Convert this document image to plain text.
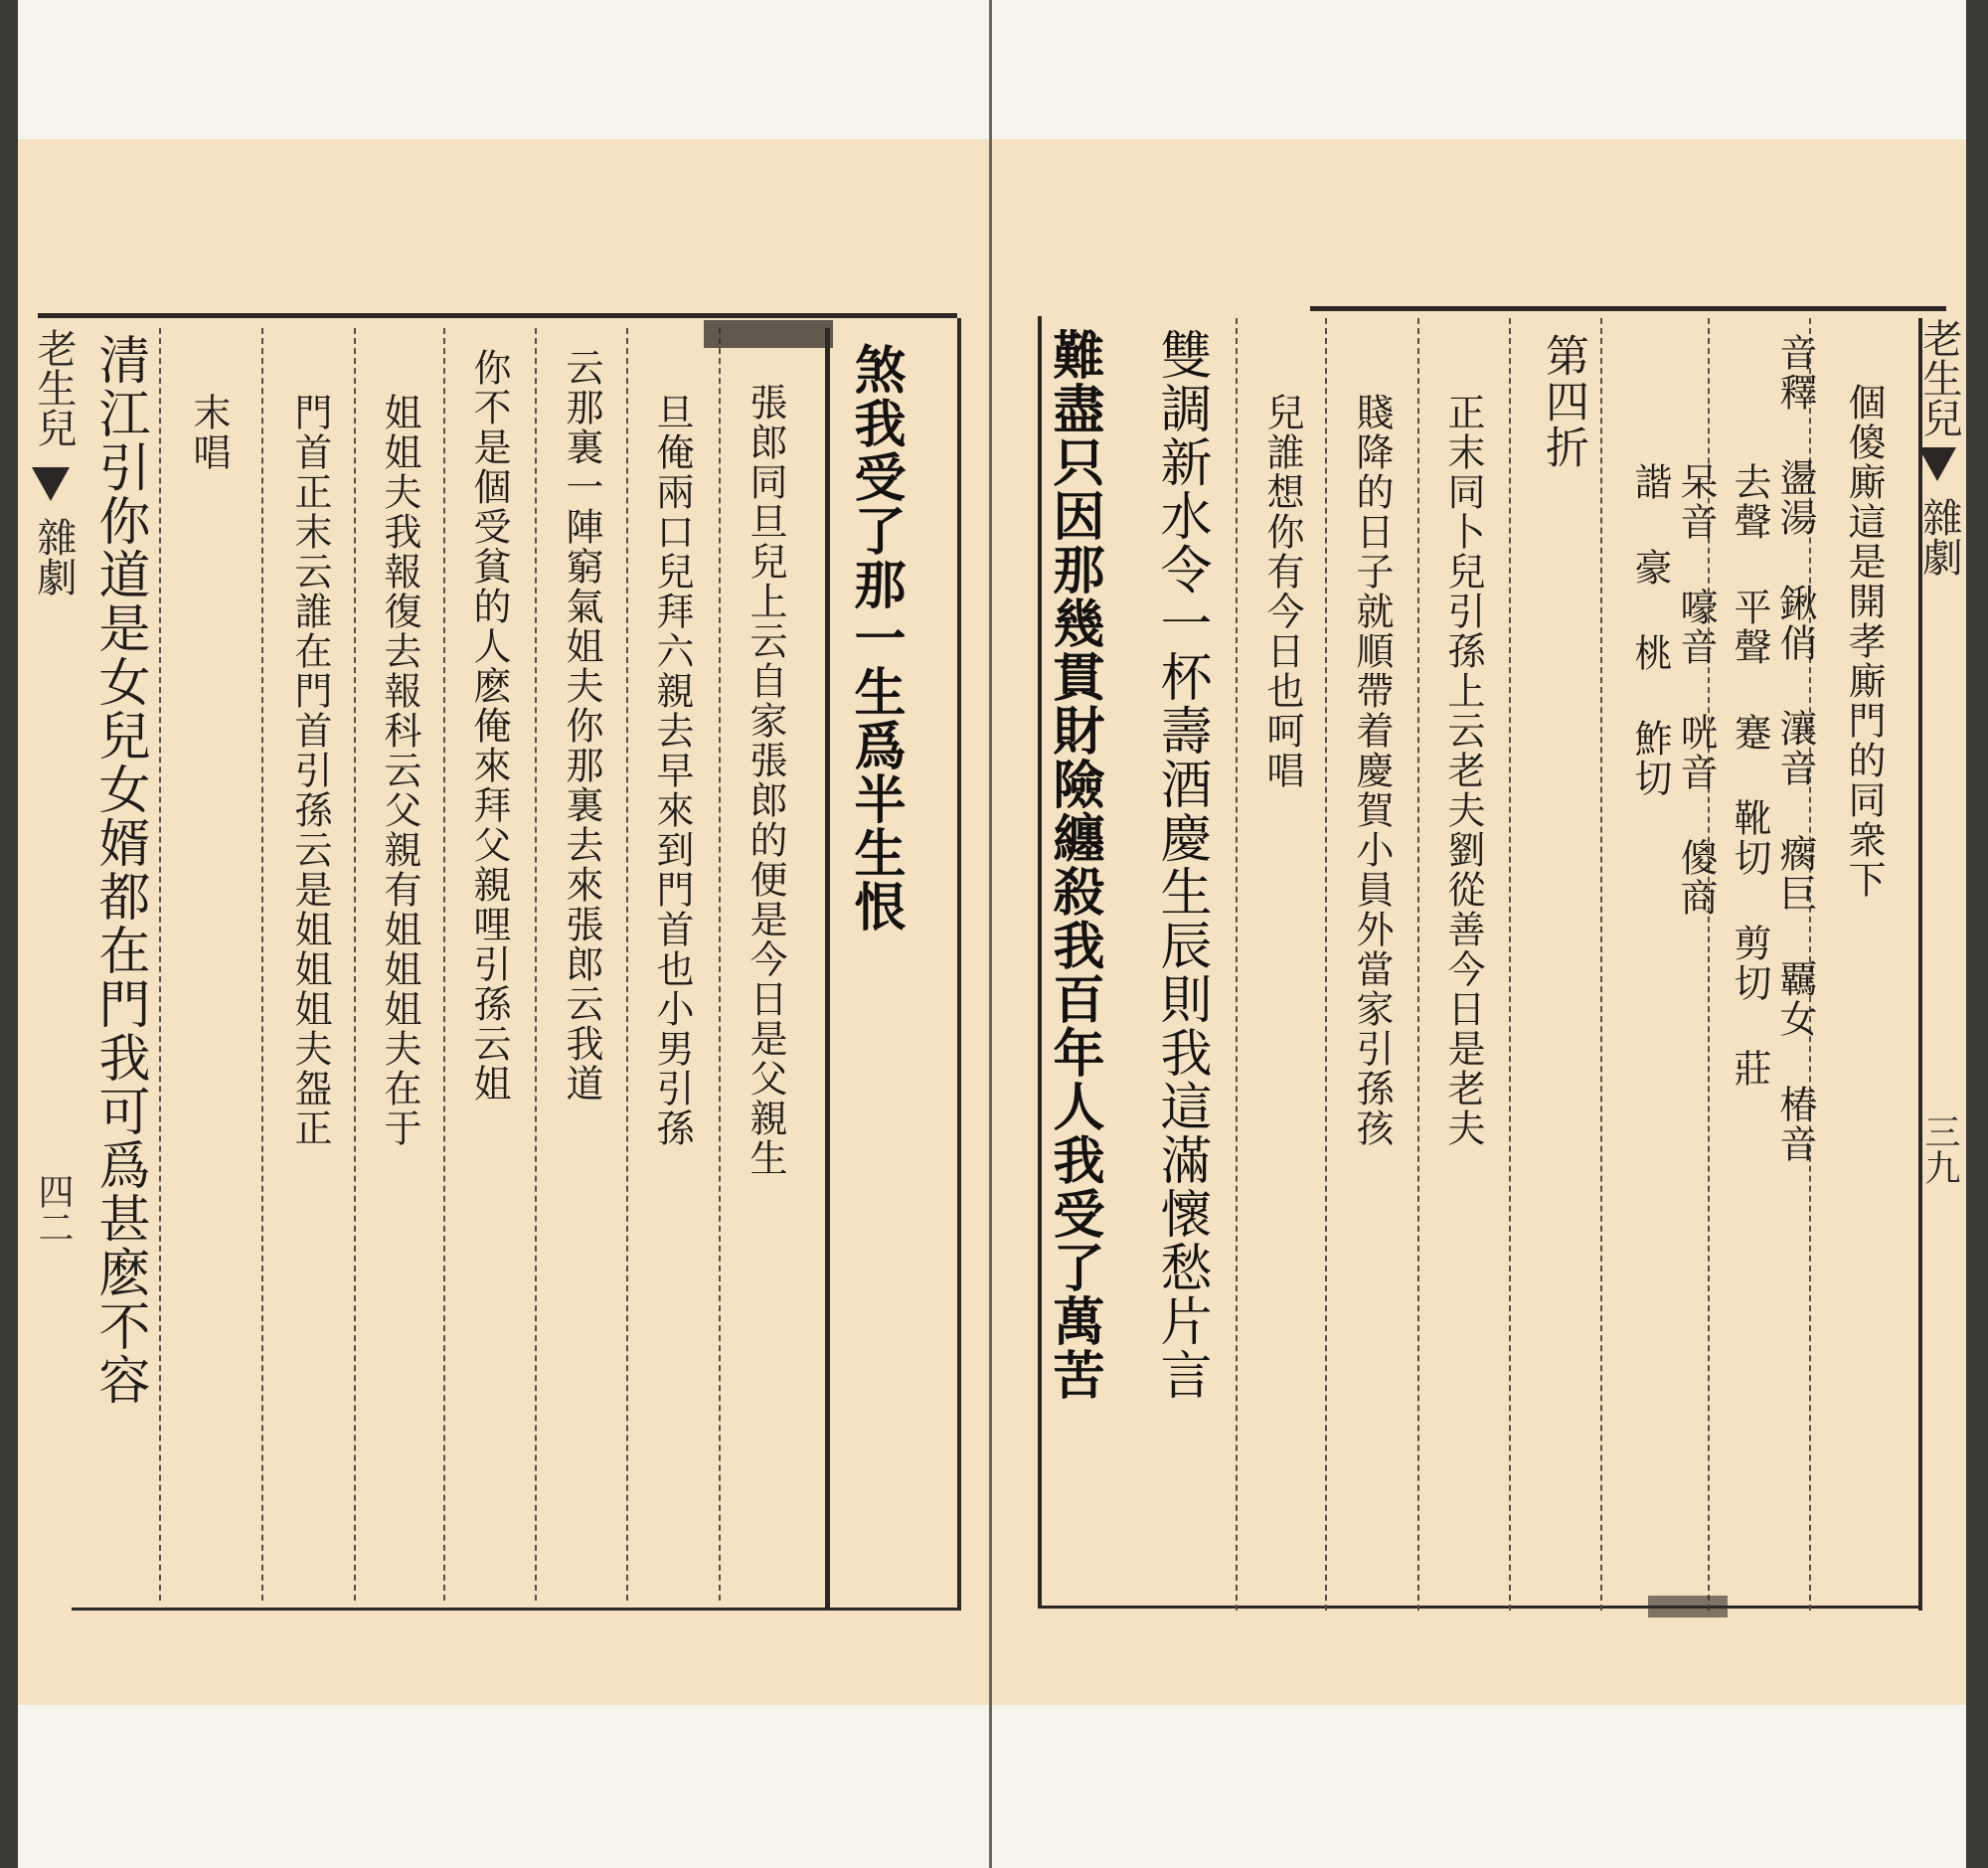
老生兒
雜劇
四二 清江引你道是女兒女婿都在門我可爲甚麽不容 末唱 門首正末云誰在門首引孫云是姐姐姐夫盌正 姐姐夫我報復去報科云父親有姐姐姐夫在于 你不是個受貧的人麽俺來拜父親哩引孫云姐 云那裏一陣窮氣姐夫你那裏去來張郎云我道 旦俺兩口兒拜六親去早來到門首也小男引孫 張郎同旦兒上云自家張郎的便是今日是父親生 煞我受了那一生爲半生恨	難盡只因那幾貫財險纏殺我百年人我受了萬苦 雙調新水令一杯壽酒慶生辰則我這滿懷愁片言 兒誰想你有今日也呵唱 賤降的日子就順帶着慶賀小員外當家引孫孩 正末同卜兒引孫上云老夫劉從善今日是老夫 第四折
諧 豪 桃 鮓切 呆音 嚎音 咣音 傻商 去聲 平聲 蹇 靴切 剪切 莊 音釋 盪湯 鍬俏 瀼音 瘸巨 覊女 椿音 個傻廝這是開孝廝門的同衆下
老生兒
雜劇
三九
